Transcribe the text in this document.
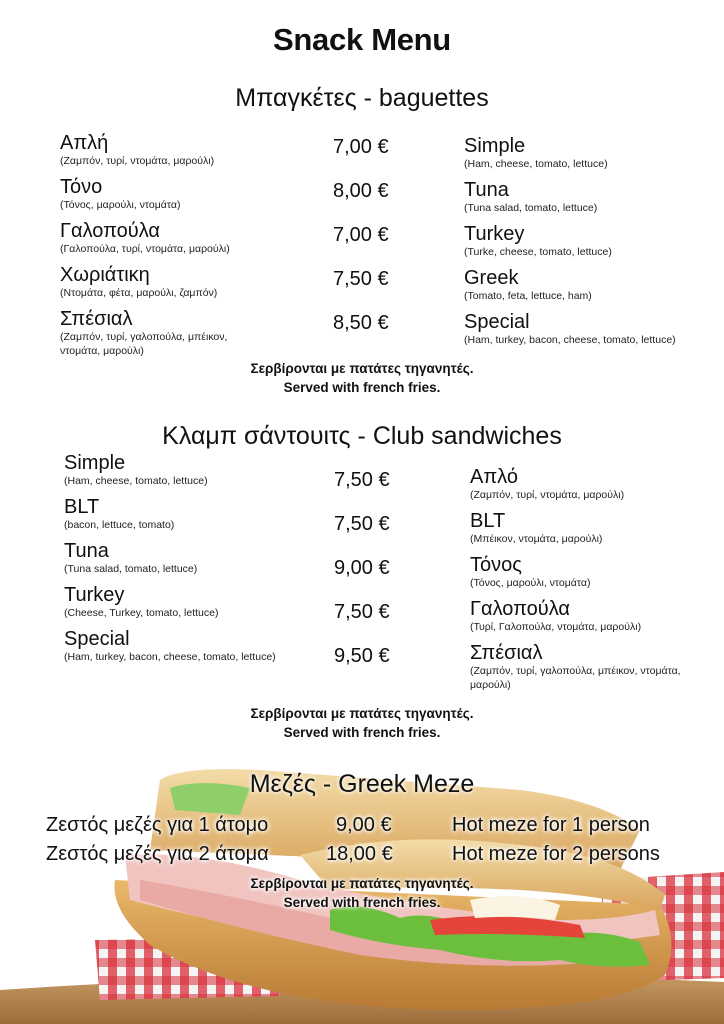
Snack Menu
Μπαγκέτες - baguettes
Απλή
(Ζαμπόν, τυρί, ντομάτα, μαρούλι)
7,00 €	Simple
(Ham, cheese, tomato, lettuce)
Τόνο
(Τόνος, μαρούλι, ντομάτα)
8,00 €	Tuna
(Tuna salad, tomato, lettuce)
Γαλοπούλα
(Γαλοπούλα, τυρί, ντομάτα, μαρούλι)
7,00 €	Turkey
(Turke, cheese, tomato, lettuce)
Χωριάτικη
(Ντομάτα, φέτα, μαρούλι, ζαμπόν)
7,50 €	Greek
(Tomato, feta, lettuce, ham)
Σπέσιαλ
(Ζαμπόν, τυρί, γαλοπούλα, μπέικον, ντομάτα, μαρούλι)
8,50 €	Special
(Ham, turkey, bacon, cheese, tomato, lettuce)
Σερβίρονται με πατάτες τηγανητές.
Served with french fries.
Κλαμπ σάντουιτς - Club sandwiches
Simple
(Ham, cheese, tomato, lettuce)	7,50 €	Απλό
(Ζαμπόν, τυρί, ντομάτα, μαρούλι)
BLT
(bacon, lettuce, tomato)	7,50 €	BLT
(Μπέικον, ντομάτα, μαρούλι)
Tuna
(Tuna salad, tomato, lettuce)	9,00 €	Τόνος
(Τόνος, μαρούλι, ντομάτα)
Turkey
(Cheese, Turkey, tomato, lettuce)	7,50 €	Γαλοπούλα
(Τυρί, Γαλοπούλα, ντομάτα, μαρούλι)
Special
(Ham, turkey, bacon, cheese, tomato, lettuce)	9,50 €	Σπέσιαλ
(Ζαμπόν, τυρί, γαλοπούλα, μπέικον, ντομάτα, μαρούλι)
Σερβίρονται με πατάτες τηγανητές.
Served with french fries.
Μεζές - Greek Meze
Ζεστός μεζές για 1 άτομο	9,00 €	Hot meze for 1 person
Ζεστός μεζές για 2 άτομα	18,00 €	Hot meze for 2 persons
Σερβίρονται με πατάτες τηγανητές.
Served with french fries.
